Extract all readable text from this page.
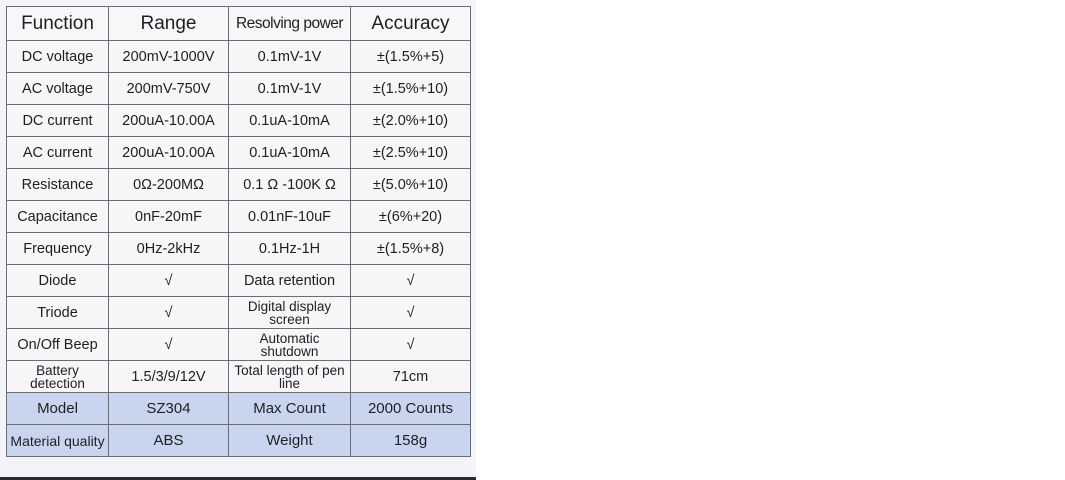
Function	Range	Resolving power	Accuracy
DC voltage	200mV-1000V	0.1mV-1V	±(1.5%+5)
AC voltage	200mV-750V	0.1mV-1V	±(1.5%+10)
DC current	200uA-10.00A	0.1uA-10mA	±(2.0%+10)
AC current	200uA-10.00A	0.1uA-10mA	±(2.5%+10)
Resistance	0Ω-200MΩ	0.1 Ω -100K Ω	±(5.0%+10)
Capacitance	0nF-20mF	0.01nF-10uF	±(6%+20)
Frequency	0Hz-2kHz	0.1Hz-1H	±(1.5%+8)
Diode	√	Data retention	√
Triode	√	Digital display screen	√
On/Off Beep	√	Automatic shutdown	√
Battery detection	1.5/3/9/12V	Total length of pen line	71cm
Model	SZ304	Max Count	2000 Counts
Material quality	ABS	Weight	158g
